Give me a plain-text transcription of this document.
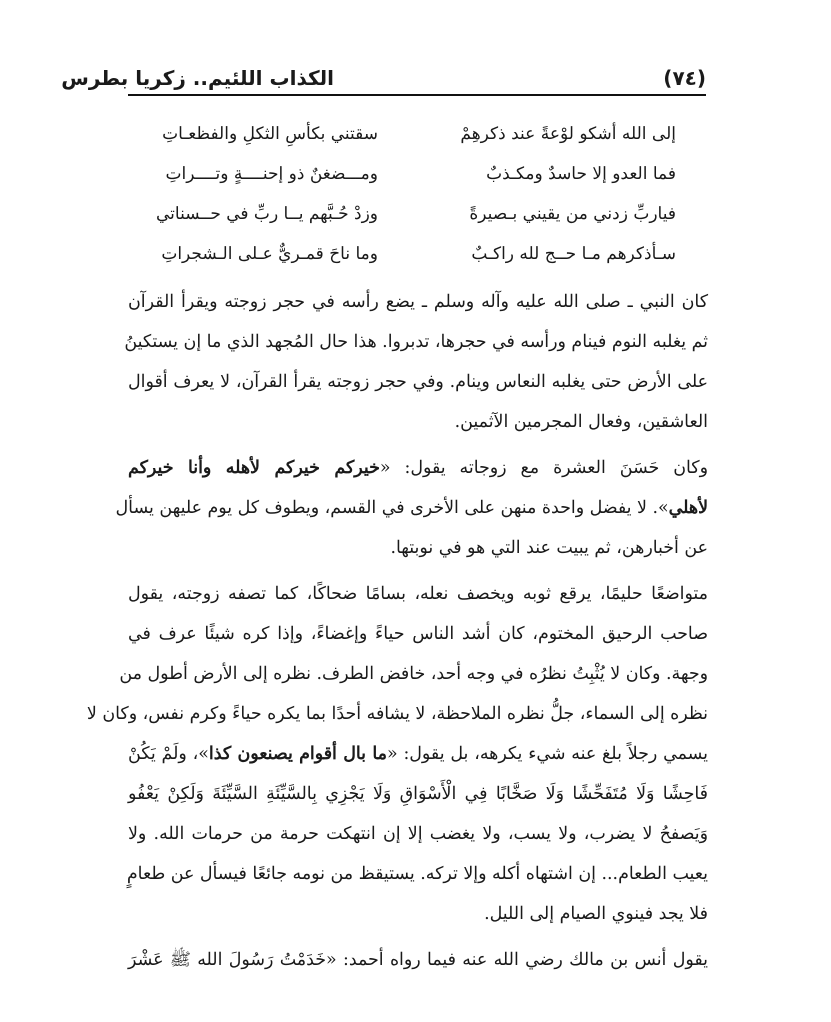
(٧٤)
الكذاب اللئيم.. زكريا بطرس
إلى الله أشكو لوْعةً عند ذكرهِمْ
سقتني بكأسِ الثكلِ والفظعـاتِ
فما العدو إلا حاسدٌ ومكـذبٌ
ومـــضغنٌ ذو إحنــــةٍ وتــــراتِ
فياربِّ زدني من يقيني بـصيرةً
وزدْ حُـبَّهم يــا ربِّ في حــسناتي
سـأذكرهم مـا حــج لله راكـبٌ
وما ناحَ قمـريٌّ عـلى الـشجراتِ
كان النبي ـ صلى الله عليه وآله وسلم ـ يضع رأسه في حجر زوجته ويقرأ القرآن
ثم يغلبه النوم فينام ورأسه في حجرها، تدبروا. هذا حال المُجهد الذي ما إن يستكينُ
على الأرض حتى يغلبه النعاس وينام. وفي حجر زوجته يقرأ القرآن، لا يعرف أقوال
العاشقين، وفعال المجرمين الآثمين.
وكان حَسَنَ العشرة مع زوجاته يقول: «خيركم خيركم لأهله وأنا خيركم
لأهلي». لا يفضل واحدة منهن على الأخرى في القسم، ويطوف كل يوم عليهن يسأل
عن أخبارهن، ثم يبيت عند التي هو في نوبتها.
متواضعًا حليمًا، يرقع ثوبه ويخصف نعله، بسامًا ضحاكًا، كما تصفه زوجته، يقول
صاحب الرحيق المختوم، كان أشد الناس حياءً وإغضاءً، وإذا كره شيئًا عرف في
وجهة. وكان لا يُثْبِتُ نظرُه في وجه أحد، خافض الطرف. نظره إلى الأرض أطول من
نظره إلى السماء، جلُّ نظره الملاحظة، لا يشافه أحدًا بما يكره حياءً وكرم نفس، وكان لا
يسمي رجلاً بلغ عنه شيء يكرهه، بل يقول: «ما بال أقوام يصنعون كذا»، ولَمْ يَكُنْ
فَاحِشًا وَلَا مُتَفَحِّشًا وَلَا صَخَّابًا فِي الْأَسْوَاقِ وَلَا يَجْزِي بِالسَّيِّئَةِ السَّيِّئَةَ وَلَكِنْ يَعْفُو
وَيَصفحُ لا يضرب، ولا يسب، ولا يغضب إلا إن انتهكت حرمة من حرمات الله. ولا
يعيب الطعام... إن اشتهاه أكله وإلا تركه. يستيقظ من نومه جائعًا فيسأل عن طعامٍ
فلا يجد فينوي الصيام إلى الليل.
يقول أنس بن مالك رضي الله عنه فيما رواه أحمد: «خَدَمْتُ رَسُولَ الله ﷺ عَشْرَ
